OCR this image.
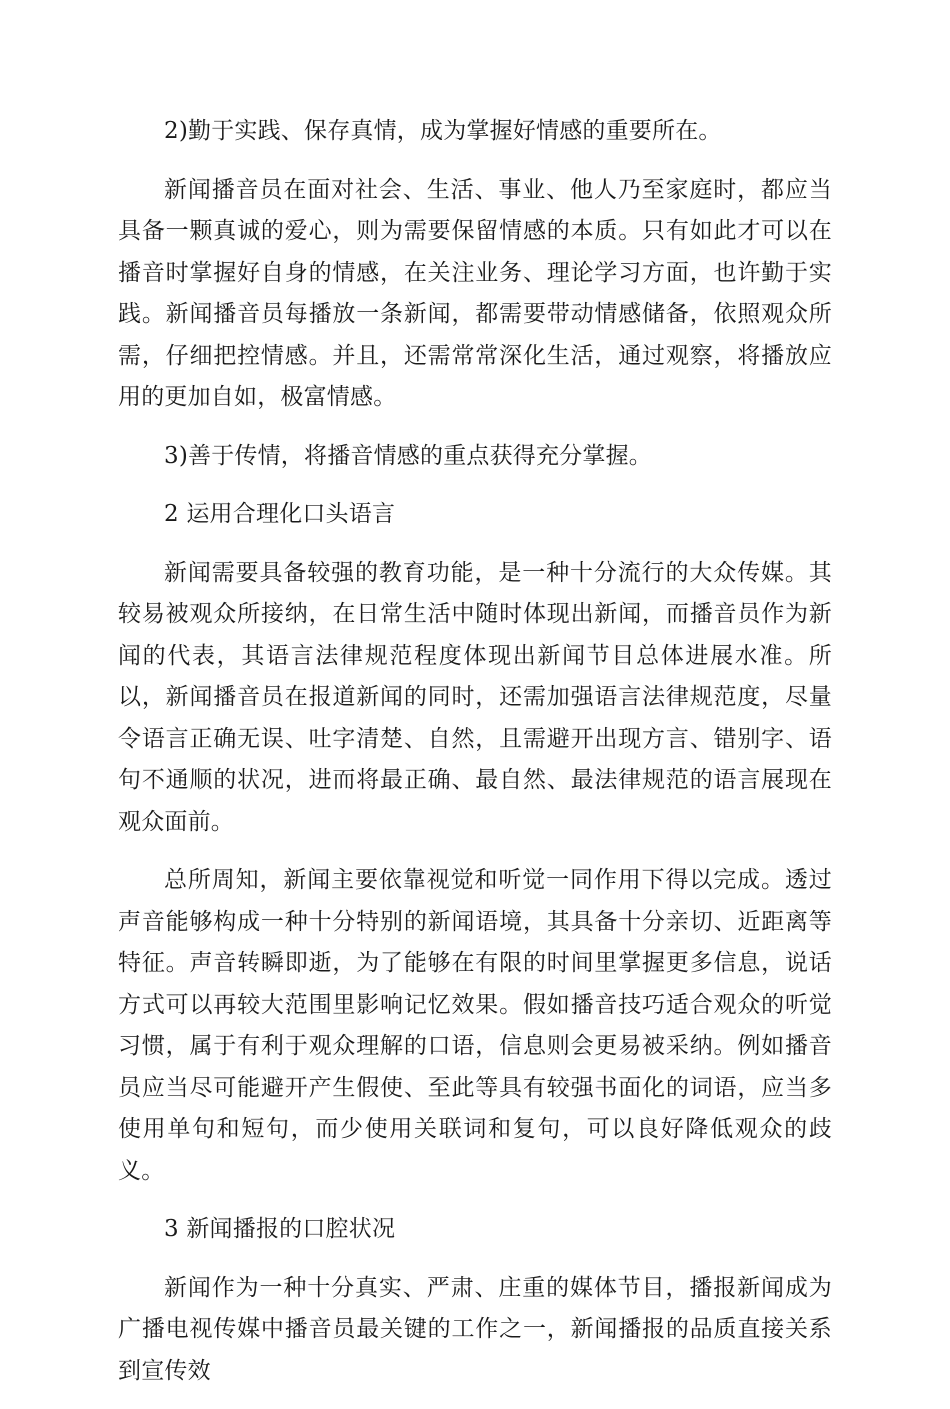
2)勤于实践、保存真情，成为掌握好情感的重要所在。

新闻播音员在面对社会、生活、事业、他人乃至家庭时，都应当具备一颗真诚的爱心，则为需要保留情感的本质。只有如此才可以在播音时掌握好自身的情感，在关注业务、理论学习方面，也许勤于实践。新闻播音员每播放一条新闻，都需要带动情感储备，依照观众所需，仔细把控情感。并且，还需常常深化生活，通过观察，将播放应用的更加自如，极富情感。

3)善于传情，将播音情感的重点获得充分掌握。

2 运用合理化口头语言

新闻需要具备较强的教育功能，是一种十分流行的大众传媒。其较易被观众所接纳，在日常生活中随时体现出新闻，而播音员作为新闻的代表，其语言法律规范程度体现出新闻节目总体进展水准。所以，新闻播音员在报道新闻的同时，还需加强语言法律规范度，尽量令语言正确无误、吐字清楚、自然，且需避开出现方言、错别字、语句不通顺的状况，进而将最正确、最自然、最法律规范的语言展现在观众面前。

总所周知，新闻主要依靠视觉和听觉一同作用下得以完成。透过声音能够构成一种十分特别的新闻语境，其具备十分亲切、近距离等特征。声音转瞬即逝，为了能够在有限的时间里掌握更多信息，说话方式可以再较大范围里影响记忆效果。假如播音技巧适合观众的听觉习惯，属于有利于观众理解的口语，信息则会更易被采纳。例如播音员应当尽可能避开产生假使、至此等具有较强书面化的词语，应当多使用单句和短句，而少使用关联词和复句，可以良好降低观众的歧义。

3 新闻播报的口腔状况

新闻作为一种十分真实、严肃、庄重的媒体节目，播报新闻成为广播电视传媒中播音员最关键的工作之一，新闻播报的品质直接关系到宣传效
